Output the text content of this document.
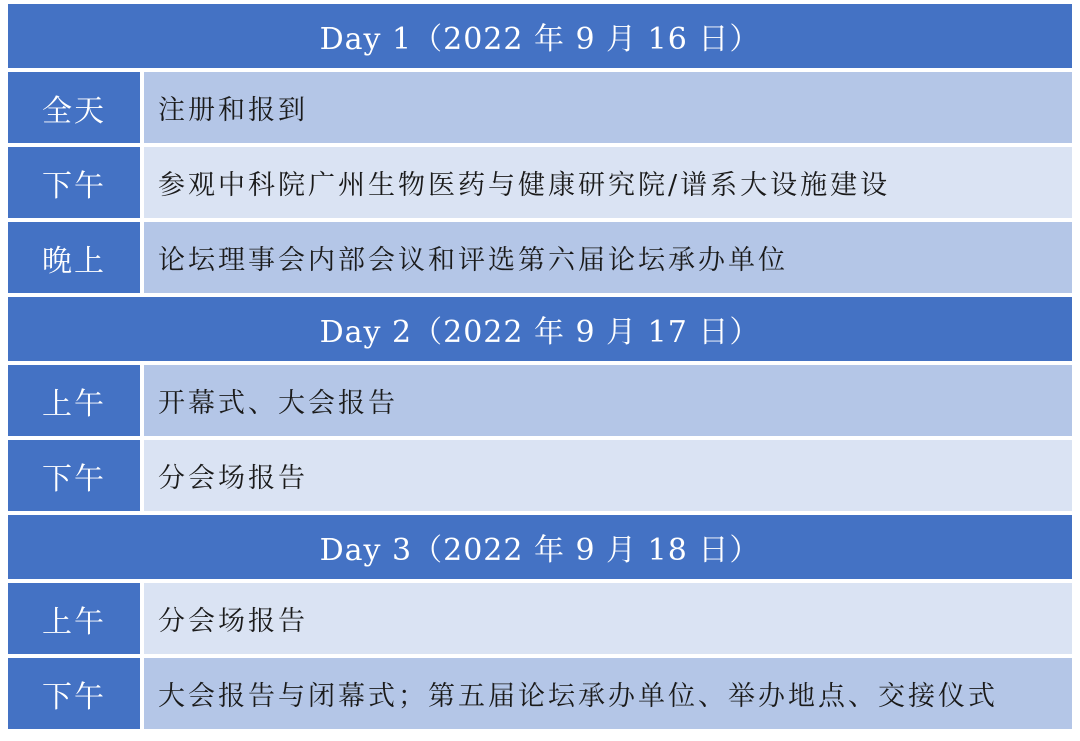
Day 1（2022 年 9 月 16 日）
全天	注册和报到
下午	参观中科院广州生物医药与健康研究院/谱系大设施建设
晚上	论坛理事会内部会议和评选第六届论坛承办单位
Day 2（2022 年 9 月 17 日）
上午	开幕式、大会报告
下午	分会场报告
Day 3（2022 年 9 月 18 日）
上午	分会场报告
下午	大会报告与闭幕式；第五届论坛承办单位、举办地点、交接仪式
